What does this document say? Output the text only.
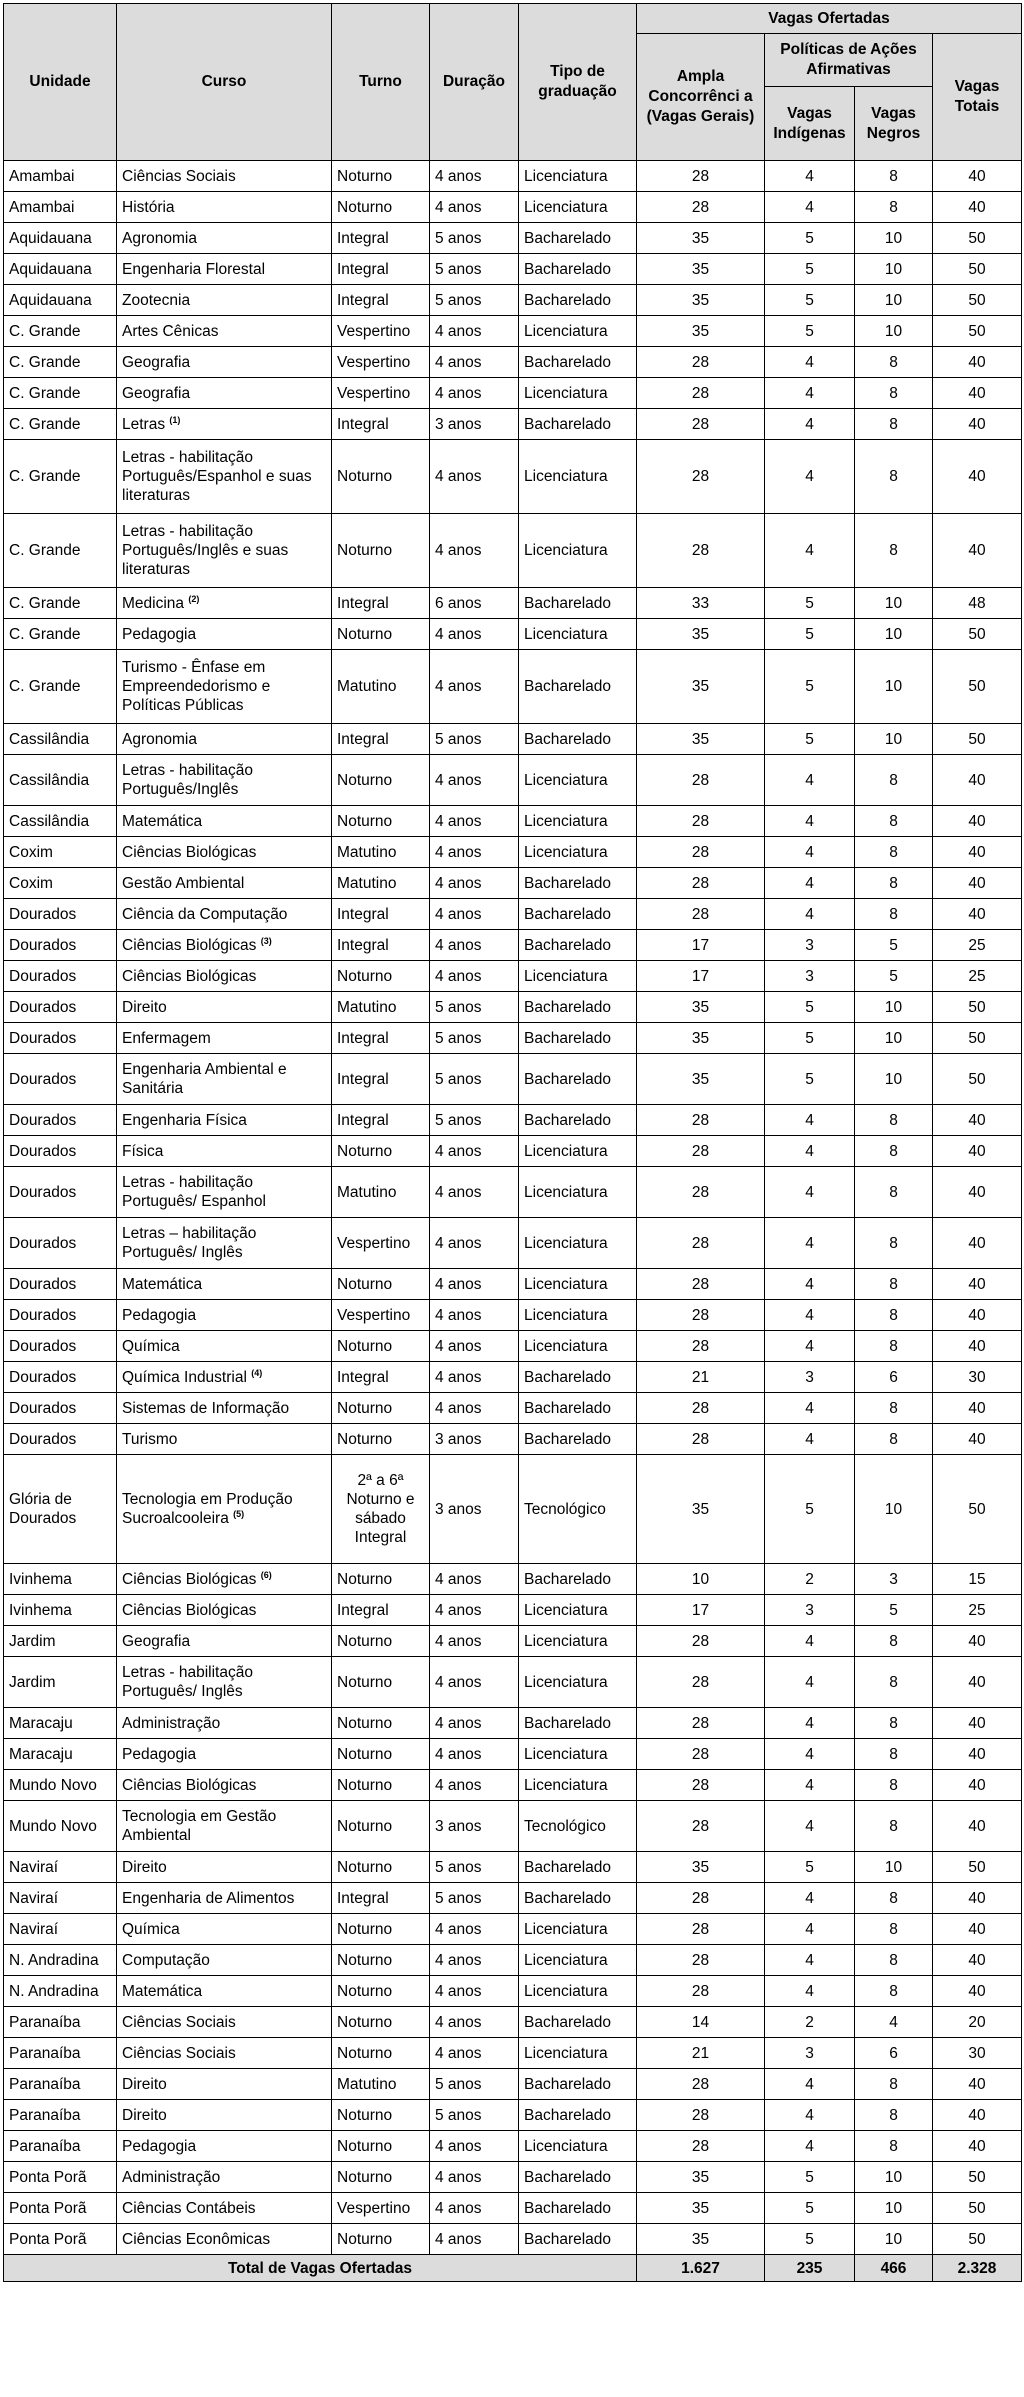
Unidade	Curso	Turno	Duração	Tipo de graduação	Vagas Ofertadas			
					Ampla Concorrênci a (Vagas Gerais)	Políticas de Ações Afirmativas		Vagas Totais
						Vagas Indígenas	Vagas Negros	
Amambai	Ciências Sociais	Noturno	4 anos	Licenciatura	28	4	8	40
Amambai	História	Noturno	4 anos	Licenciatura	28	4	8	40
Aquidauana	Agronomia	Integral	5 anos	Bacharelado	35	5	10	50
Aquidauana	Engenharia Florestal	Integral	5 anos	Bacharelado	35	5	10	50
Aquidauana	Zootecnia	Integral	5 anos	Bacharelado	35	5	10	50
C. Grande	Artes Cênicas	Vespertino	4 anos	Licenciatura	35	5	10	50
C. Grande	Geografia	Vespertino	4 anos	Bacharelado	28	4	8	40
C. Grande	Geografia	Vespertino	4 anos	Licenciatura	28	4	8	40
C. Grande	Letras $^{(1)}$	Integral	3 anos	Bacharelado	28	4	8	40
C. Grande	Letras - habilitação Português/Espanhol e suas literaturas	Noturno	4 anos	Licenciatura	28	4	8	40
C. Grande	Letras - habilitação Português/Inglês e suas literaturas	Noturno	4 anos	Licenciatura	28	4	8	40
C. Grande	Medicina $^{(2)}$	Integral	6 anos	Bacharelado	33	5	10	48
C. Grande	Pedagogia	Noturno	4 anos	Licenciatura	35	5	10	50
C. Grande	Turismo - Ênfase em Empreendedorismo e Políticas Públicas	Matutino	4 anos	Bacharelado	35	5	10	50
Cassilândia	Agronomia	Integral	5 anos	Bacharelado	35	5	10	50
Cassilândia	Letras - habilitação Português/Inglês	Noturno	4 anos	Licenciatura	28	4	8	40
Cassilândia	Matemática	Noturno	4 anos	Licenciatura	28	4	8	40
Coxim	Ciências Biológicas	Matutino	4 anos	Licenciatura	28	4	8	40
Coxim	Gestão Ambiental	Matutino	4 anos	Bacharelado	28	4	8	40
Dourados	Ciência da Computação	Integral	4 anos	Bacharelado	28	4	8	40
Dourados	Ciências Biológicas $^{(3)}$	Integral	4 anos	Bacharelado	17	3	5	25
Dourados	Ciências Biológicas	Noturno	4 anos	Licenciatura	17	3	5	25
Dourados	Direito	Matutino	5 anos	Bacharelado	35	5	10	50
Dourados	Enfermagem	Integral	5 anos	Bacharelado	35	5	10	50
Dourados	Engenharia Ambiental e Sanitária	Integral	5 anos	Bacharelado	35	5	10	50
Dourados	Engenharia Física	Integral	5 anos	Bacharelado	28	4	8	40
Dourados	Física	Noturno	4 anos	Licenciatura	28	4	8	40
Dourados	Letras - habilitação Português/ Espanhol	Matutino	4 anos	Licenciatura	28	4	8	40
Dourados	Letras – habilitação Português/ Inglês	Vespertino	4 anos	Licenciatura	28	4	8	40
Dourados	Matemática	Noturno	4 anos	Licenciatura	28	4	8	40
Dourados	Pedagogia	Vespertino	4 anos	Licenciatura	28	4	8	40
Dourados	Química	Noturno	4 anos	Licenciatura	28	4	8	40
Dourados	Química Industrial $^{(4)}$	Integral	4 anos	Bacharelado	21	3	6	30
Dourados	Sistemas de Informação	Noturno	4 anos	Bacharelado	28	4	8	40
Dourados	Turismo	Noturno	3 anos	Bacharelado	28	4	8	40
Glória de Dourados	Tecnologia em Produção Sucroalcooleira $^{(5)}$	2ª a 6ª Noturno e sábado Integral	3 anos	Tecnológico	35	5	10	50
Ivinhema	Ciências Biológicas $^{(6)}$	Noturno	4 anos	Bacharelado	10	2	3	15
Ivinhema	Ciências Biológicas	Integral	4 anos	Licenciatura	17	3	5	25
Jardim	Geografia	Noturno	4 anos	Licenciatura	28	4	8	40
Jardim	Letras - habilitação Português/ Inglês	Noturno	4 anos	Licenciatura	28	4	8	40
Maracaju	Administração	Noturno	4 anos	Bacharelado	28	4	8	40
Maracaju	Pedagogia	Noturno	4 anos	Licenciatura	28	4	8	40
Mundo Novo	Ciências Biológicas	Noturno	4 anos	Licenciatura	28	4	8	40
Mundo Novo	Tecnologia em Gestão Ambiental	Noturno	3 anos	Tecnológico	28	4	8	40
Naviraí	Direito	Noturno	5 anos	Bacharelado	35	5	10	50
Naviraí	Engenharia de Alimentos	Integral	5 anos	Bacharelado	28	4	8	40
Naviraí	Química	Noturno	4 anos	Licenciatura	28	4	8	40
N. Andradina	Computação	Noturno	4 anos	Licenciatura	28	4	8	40
N. Andradina	Matemática	Noturno	4 anos	Licenciatura	28	4	8	40
Paranaíba	Ciências Sociais	Noturno	4 anos	Bacharelado	14	2	4	20
Paranaíba	Ciências Sociais	Noturno	4 anos	Licenciatura	21	3	6	30
Paranaíba	Direito	Matutino	5 anos	Bacharelado	28	4	8	40
Paranaíba	Direito	Noturno	5 anos	Bacharelado	28	4	8	40
Paranaíba	Pedagogia	Noturno	4 anos	Licenciatura	28	4	8	40
Ponta Porã	Administração	Noturno	4 anos	Bacharelado	35	5	10	50
Ponta Porã	Ciências Contábeis	Vespertino	4 anos	Bacharelado	35	5	10	50
Ponta Porã	Ciências Econômicas	Noturno	4 anos	Bacharelado	35	5	10	50
Total de Vagas Ofertadas					1.627	235	466	2.328
